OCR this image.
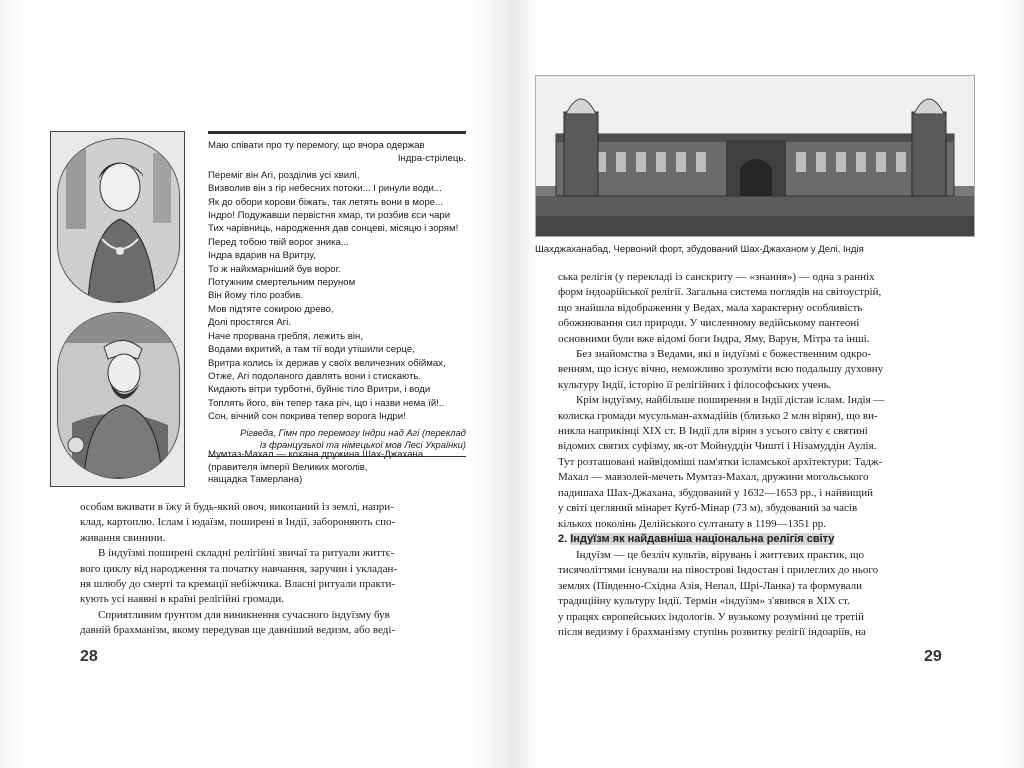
Маю співати про ту перемогу, що вчора одержав
Індра-стрілець.
Переміг він Агі, розділив усі хвилі,
Визволив він з гір небесних потоки... І ринули води...
Як до обори корови біжать, так летять вони в море...
Індро! Подужавши первістня хмар, ти розбив єси чари
Тих чарівниць, народження дав сонцеві, місяцю і зорям!
Перед тобою твій ворог зника...
Індра вдарив на Вритру,
То ж найхмарніший був ворог.
Потужним смертельним перуном
Він йому тіло розбив.
Мов підтяте сокирою древо,
Долі простягся Агі.
Наче прорвана гребля, лежить він,
Водами вкритий, а там тії води утішили серце,
Вритра колись їх держав у своїх величезних обіймах,
Отже, Агі подоланого давлять вони і стискають.
Кидають вітри турботні, буйніє тіло Вритри, і води
Топлять його, він тепер така річ, що і назви нема їй!..
Сон, вічний сон покрива тепер ворога Індри!
Рігведа, Гімн про перемогу Індри над Агі (переклад
із французької та німецької мов Лесі Українки)
Мумтаз-Махал — кохана дружина Шах-Джахана
(правителя імперії Великих моголів,
нащадка Тамерлана)

особам вживати в їжу й будь-який овоч, викопаний із землі, напри-
клад, картоплю. Іслам і юдаїзм, поширені в Індії, забороняють спо-
живання свинини.

В індуїзмі поширені складні релігійні звичаї та ритуали життє-
вого циклу від народження та початку навчання, заручин і укладан-
ня шлюбу до смерті та кремації небіжчика. Власні ритуали практи-
кують усі наявні в країні релігійні громади.

Сприятливим ґрунтом для виникнення сучасного індуїзму був
давній брахманізм, якому передував ще давніший ведизм, або веді-

28
Шахджаханабад, Червоний форт, збудований Шах-Джаханом у Делі, Індія

ська релігія (у перекладі із санскриту — «знання») — одна з ранніх
форм індоарійської релігії. Загальна система поглядів на світоустрій,
що знайшла відображення у Ведах, мала характерну особливість
обожнювання сил природи. У численному ведійському пантеоні
основними були вже відомі боги Індра, Яму, Варун, Мітра та інші.

Без знайомства з Ведами, які в індуїзмі є божественним одкро-
венням, що існує вічно, неможливо зрозуміти всю подальшу духовну
культуру Індії, історію її релігійних і філософських учень.

Крім індуїзму, найбільше поширення в Індії дістав іслам. Індія —
колиска громади мусульман-ахмадійів (близько 2 млн вірян), що ви-
никла наприкінці XIX ст. В Індії для вірян з усього світу є святині
відомих святих суфізму, як-от Мойнуддін Чишті і Нізамуддін Аулія.
Тут розташовані найвідоміші пам'ятки ісламської архітектури: Тадж-
Махал — мавзолей-мечеть Мумтаз-Махал, дружини могольського
падишаха Шах-Джахана, збудований у 1632—1653 рр., і найвищий
у світі цегляний мінарет Кутб-Мінар (73 м), збудований за часів
кількох поколінь Делійського султанату в 1199—1351 рр.

2. Індуїзм як найдавніша національна релігія світу

Індуїзм — це безліч культів, вірувань і життєвих практик, що
тисячоліттями існували на півострові Індостан і прилеглих до нього
землях (Південно-Східна Азія, Непал, Шрі-Ланка) та формували
традиційну культуру Індії. Термін «індуїзм» з'явився в XIX ст.
у працях європейських індологів. У вузькому розумінні це третій
після ведизму і брахманізму ступінь розвитку релігії індоаріїв, на

29
